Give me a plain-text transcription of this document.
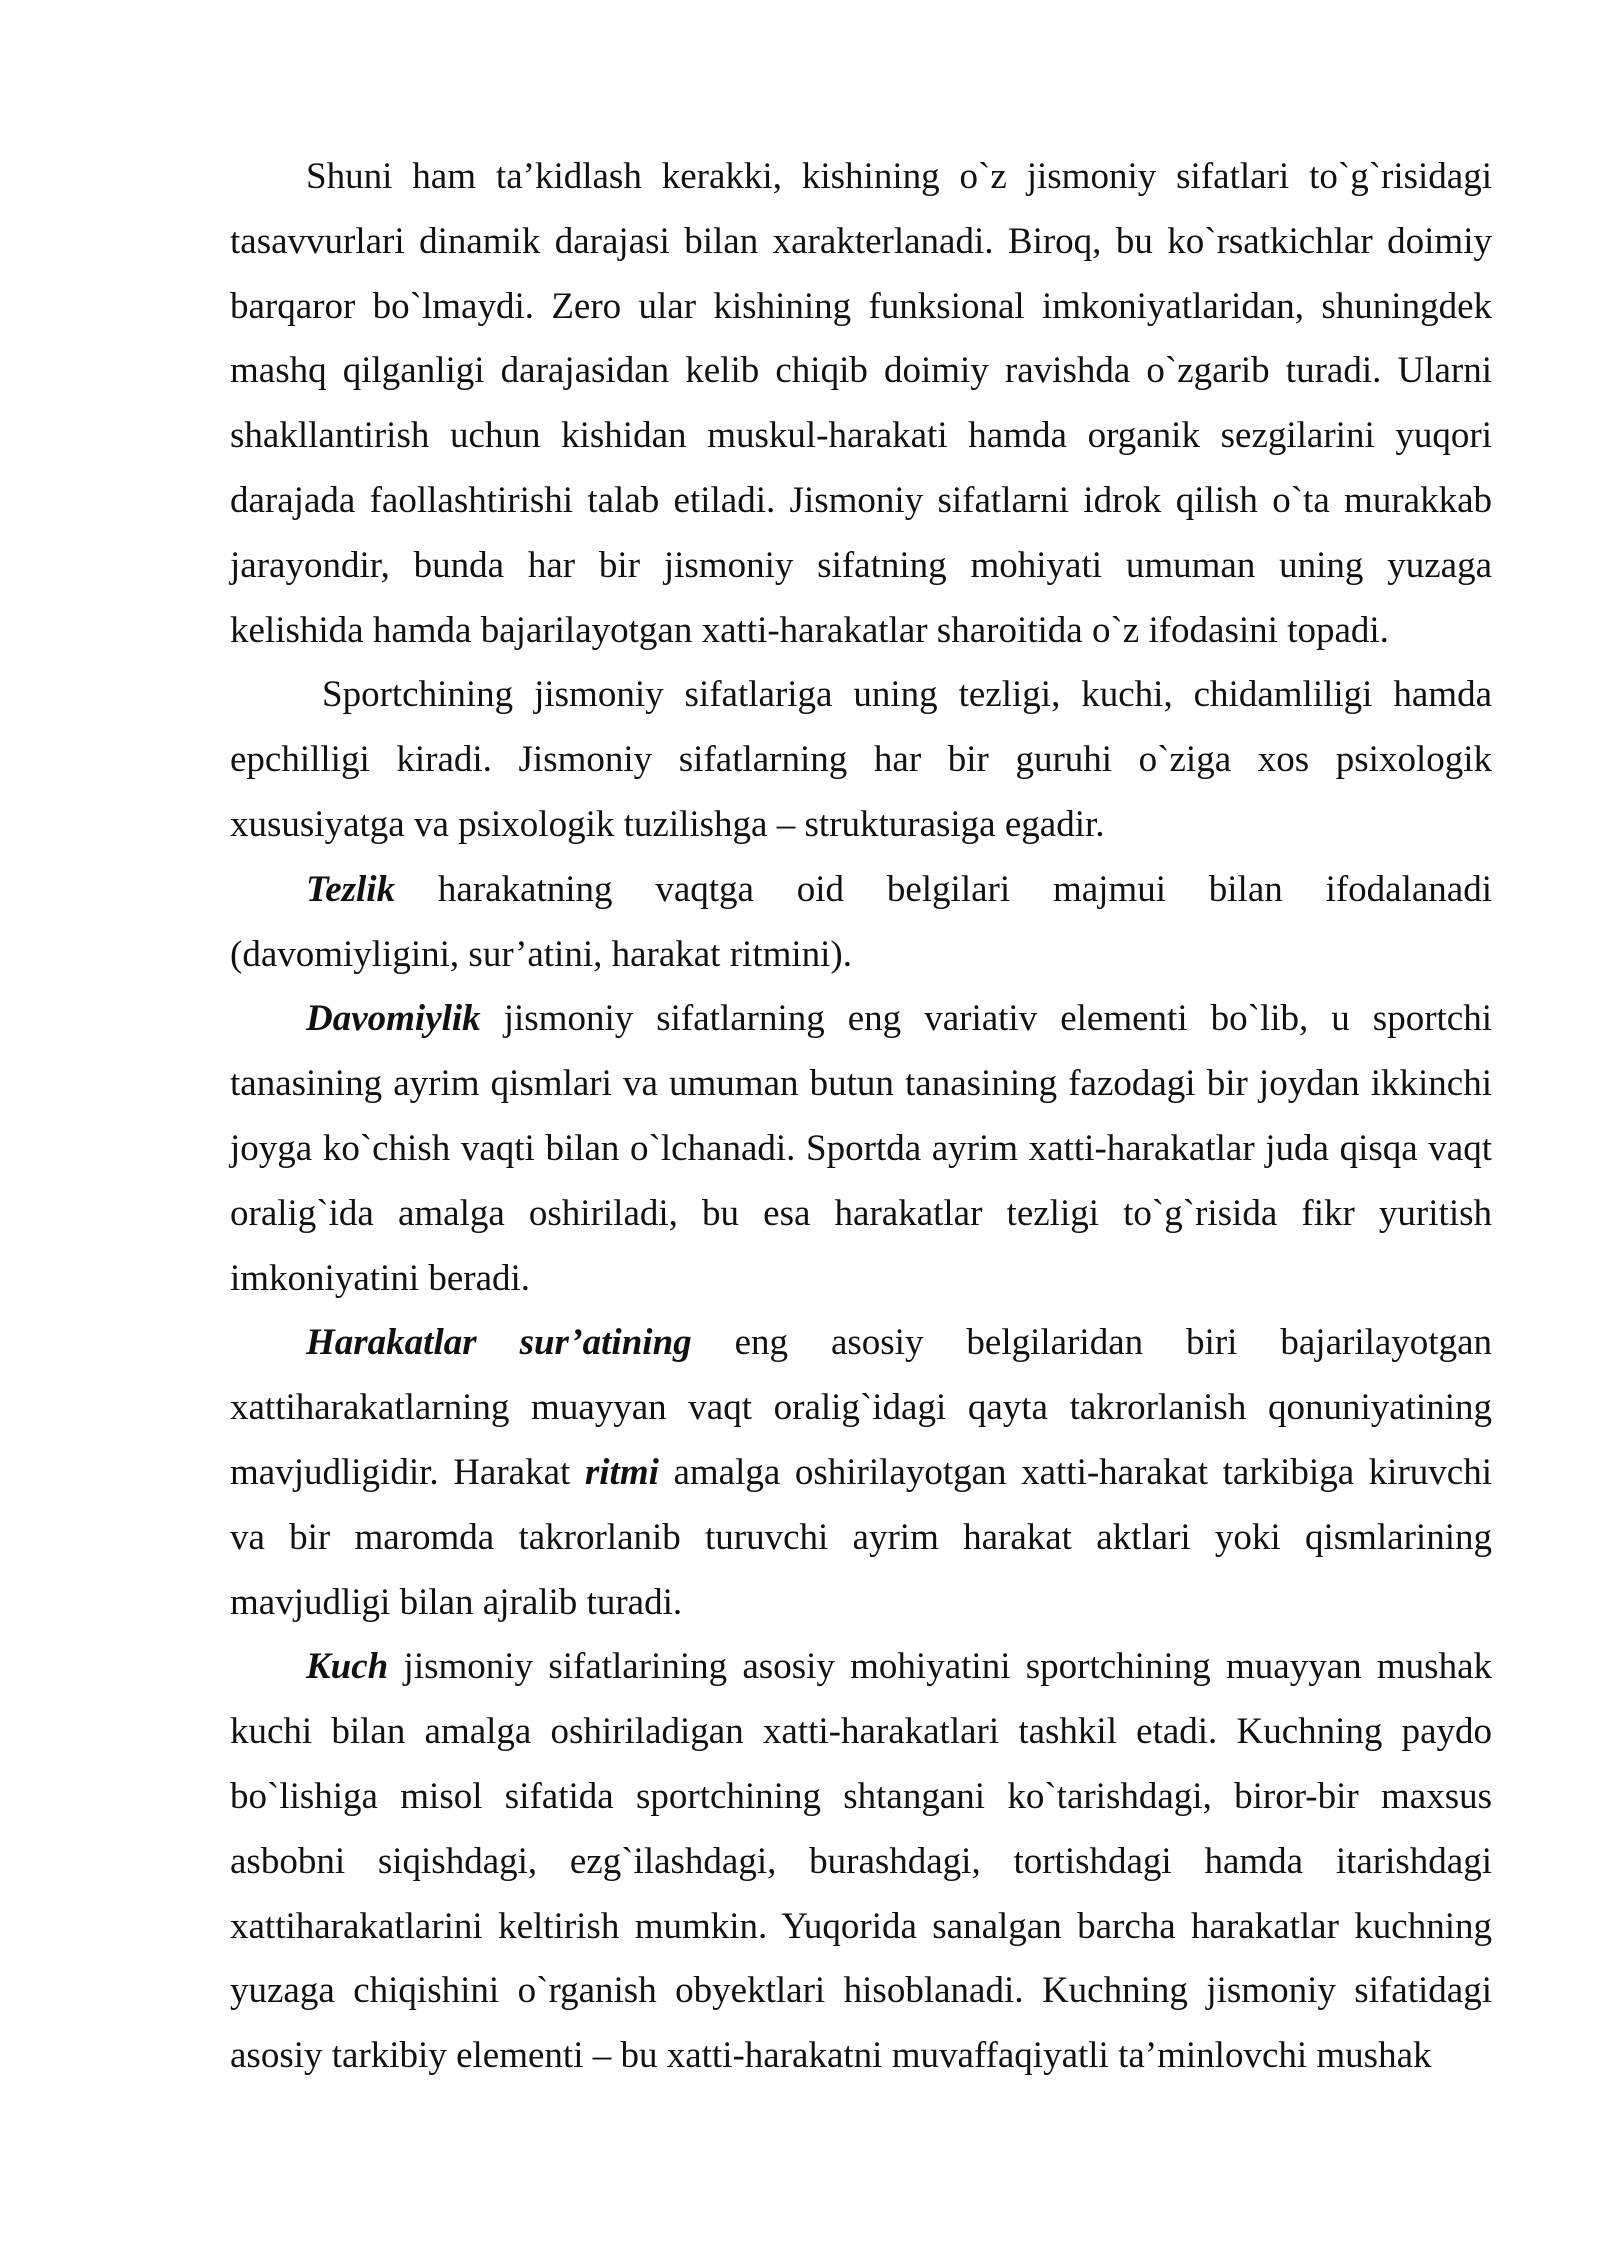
Shuni ham ta’kidlash kerakki, kishining o`z jismoniy sifatlari to`g`risidagi tasavvurlari dinamik darajasi bilan xarakterlanadi. Biroq, bu ko`rsatkichlar doimiy barqaror bo`lmaydi. Zero ular kishining funksional imkoniyatlaridan, shuningdek mashq qilganligi darajasidan kelib chiqib doimiy ravishda o`zgarib turadi. Ularni shakllantirish uchun kishidan muskul-harakati hamda organik sezgilarini yuqori darajada faollashtirishi talab etiladi. Jismoniy sifatlarni idrok qilish o`ta murakkab jarayondir, bunda har bir jismoniy sifatning mohiyati umuman uning yuzaga kelishida hamda bajarilayotgan xatti-harakatlar sharoitida o`z ifodasini topadi.

Sportchining jismoniy sifatlariga uning tezligi, kuchi, chidamliligi hamda epchilligi kiradi. Jismoniy sifatlarning har bir guruhi o`ziga xos psixologik xususiyatga va psixologik tuzilishga – strukturasiga egadir.

Tezlik harakatning vaqtga oid belgilari majmui bilan ifodalanadi (davomiyligini, sur’atini, harakat ritmini).

Davomiylik jismoniy sifatlarning eng variativ elementi bo`lib, u sportchi tanasining ayrim qismlari va umuman butun tanasining fazodagi bir joydan ikkinchi joyga ko`chish vaqti bilan o`lchanadi. Sportda ayrim xatti-harakatlar juda qisqa vaqt oralig`ida amalga oshiriladi, bu esa harakatlar tezligi to`g`risida fikr yuritish imkoniyatini beradi.

Harakatlar sur’atining eng asosiy belgilaridan biri bajarilayotgan xattiharakatlarning muayyan vaqt oralig`idagi qayta takrorlanish qonuniyatining mavjudligidir. Harakat ritmi amalga oshirilayotgan xatti-harakat tarkibiga kiruvchi va bir maromda takrorlanib turuvchi ayrim harakat aktlari yoki qismlarining mavjudligi bilan ajralib turadi.

Kuch jismoniy sifatlarining asosiy mohiyatini sportchining muayyan mushak kuchi bilan amalga oshiriladigan xatti-harakatlari tashkil etadi. Kuchning paydo bo`lishiga misol sifatida sportchining shtangani ko`tarishdagi, biror-bir maxsus asbobni siqishdagi, ezg`ilashdagi, burashdagi, tortishdagi hamda itarishdagi xattiharakatlarini keltirish mumkin. Yuqorida sanalgan barcha harakatlar kuchning yuzaga chiqishini o`rganish obyektlari hisoblanadi. Kuchning jismoniy sifatidagi asosiy tarkibiy elementi – bu xatti-harakatni muvaffaqiyatli ta’minlovchi mushak
